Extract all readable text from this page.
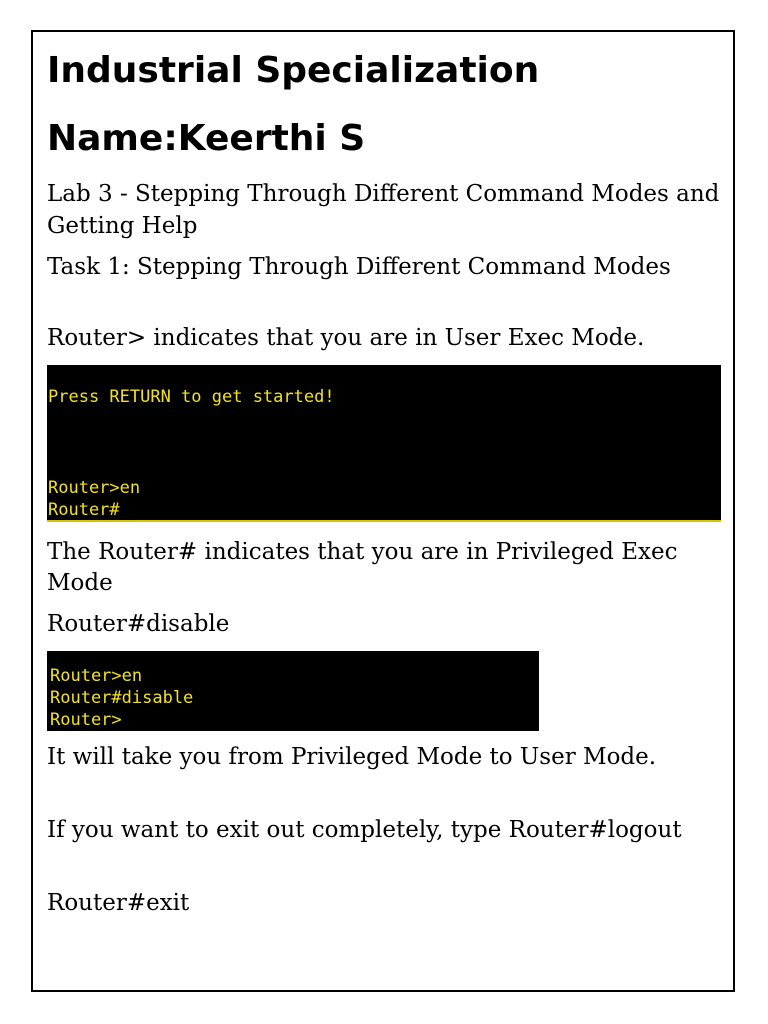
Industrial Specialization
Name:Keerthi S
Lab 3 - Stepping Through Different Command Modes and Getting Help
Task 1: Stepping Through Different Command Modes
Router> indicates that you are in User Exec Mode.
The Router# indicates that you are in Privileged Exec Mode
Router#disable
It will take you from Privileged Mode to User Mode.
If you want to exit out completely, type Router#logout
Router#exit

Press RETURN to get started!

Router>en

Router#

Router>en

Router#disable

Router>
